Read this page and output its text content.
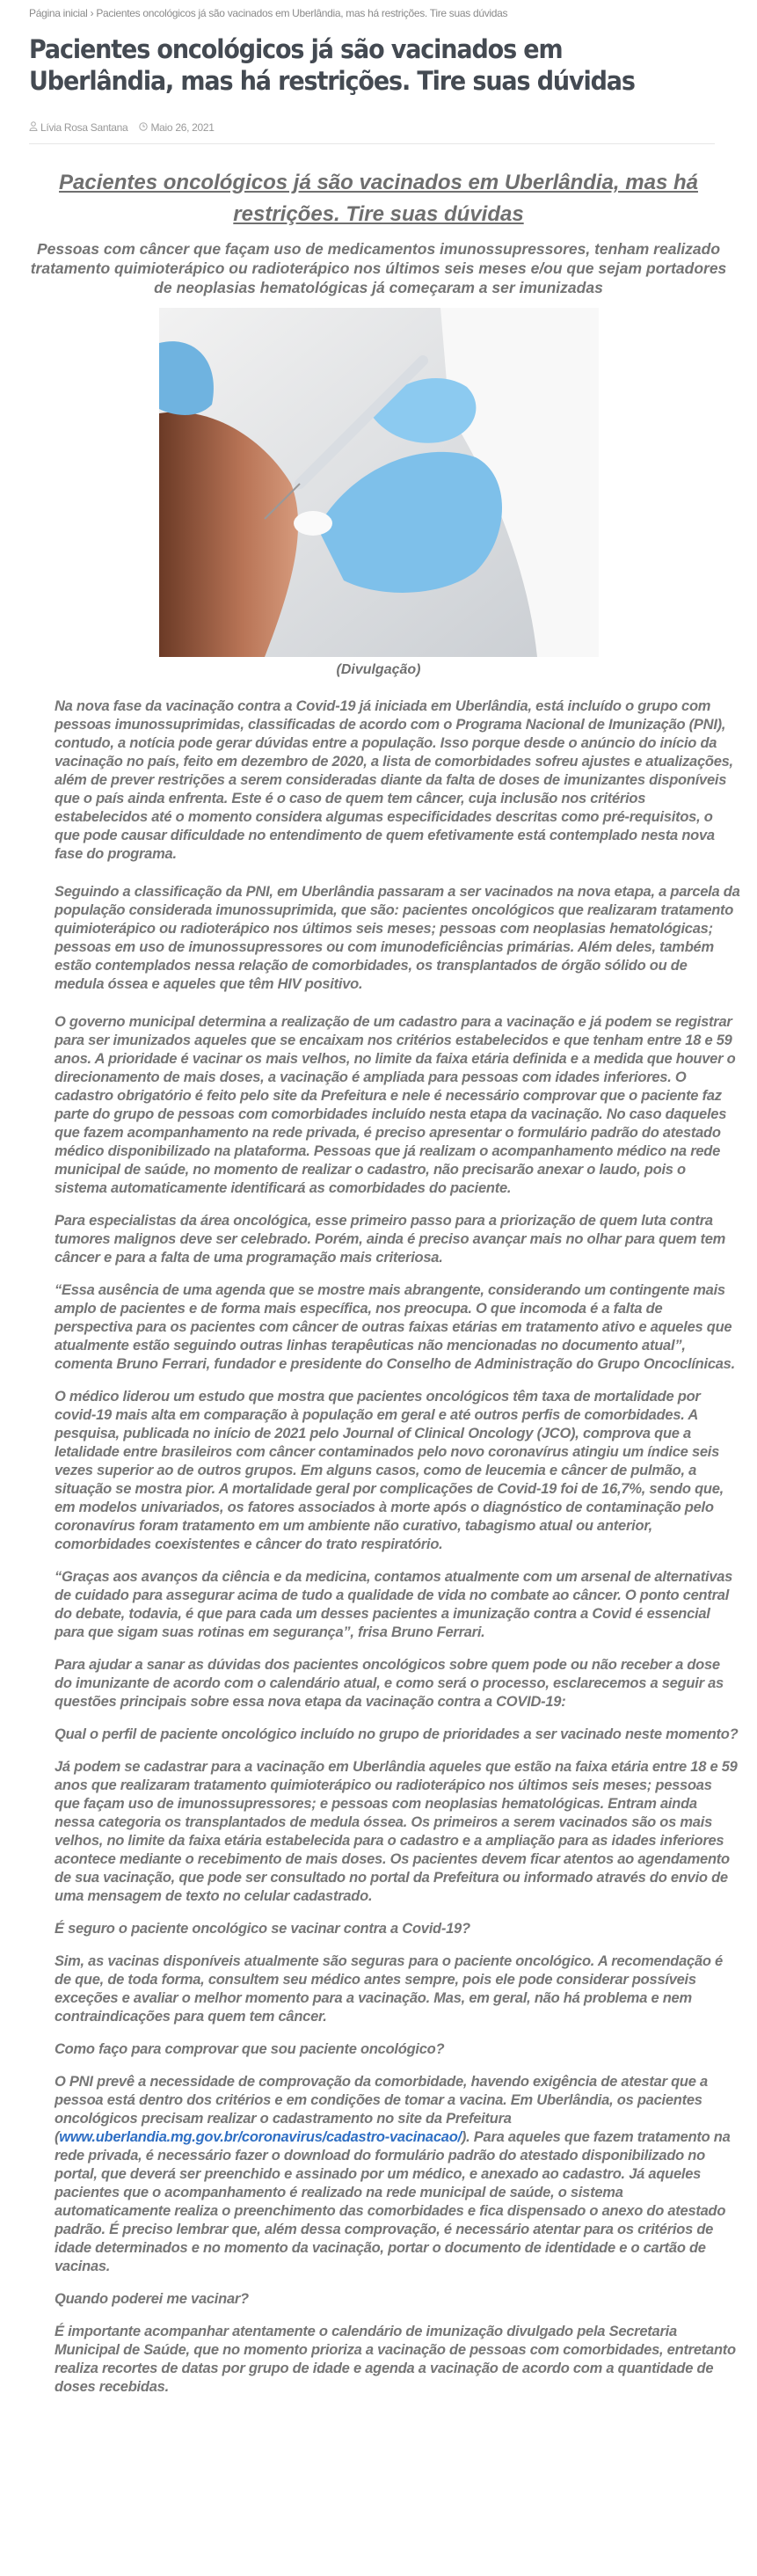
Página inicial › Pacientes oncológicos já são vacinados em Uberlândia, mas há restrições. Tire suas dúvidas
Pacientes oncológicos já são vacinados em Uberlândia, mas há restrições. Tire suas dúvidas
Lívia Rosa Santana Maio 26, 2021
Pacientes oncológicos já são vacinados em Uberlândia, mas há restrições. Tire suas dúvidas

Pessoas com câncer que façam uso de medicamentos imunossupressores, tenham realizado tratamento quimioterápico ou radioterápico nos últimos seis meses e/ou que sejam portadores de neoplasias hematológicas já começaram a ser imunizadas

(Divulgação)

Na nova fase da vacinação contra a Covid-19 já iniciada em Uberlândia, está incluído o grupo com pessoas imunossuprimidas, classificadas de acordo com o Programa Nacional de Imunização (PNI), contudo, a notícia pode gerar dúvidas entre a população. Isso porque desde o anúncio do início da vacinação no país, feito em dezembro de 2020, a lista de comorbidades sofreu ajustes e atualizações, além de prever restrições a serem consideradas diante da falta de doses de imunizantes disponíveis que o país ainda enfrenta. Este é o caso de quem tem câncer, cuja inclusão nos critérios estabelecidos até o momento considera algumas especificidades descritas como pré-requisitos, o que pode causar dificuldade no entendimento de quem efetivamente está contemplado nesta nova fase do programa.

Seguindo a classificação da PNI, em Uberlândia passaram a ser vacinados na nova etapa, a parcela da população considerada imunossuprimida, que são: pacientes oncológicos que realizaram tratamento quimioterápico ou radioterápico nos últimos seis meses; pessoas com neoplasias hematológicas; pessoas em uso de imunossupressores ou com imunodeficiências primárias. Além deles, também estão contemplados nessa relação de comorbidades, os transplantados de órgão sólido ou de medula óssea e aqueles que têm HIV positivo.

O governo municipal determina a realização de um cadastro para a vacinação e já podem se registrar para ser imunizados aqueles que se encaixam nos critérios estabelecidos e que tenham entre 18 e 59 anos. A prioridade é vacinar os mais velhos, no limite da faixa etária definida e a medida que houver o direcionamento de mais doses, a vacinação é ampliada para pessoas com idades inferiores. O cadastro obrigatório é feito pelo site da Prefeitura e nele é necessário comprovar que o paciente faz parte do grupo de pessoas com comorbidades incluído nesta etapa da vacinação. No caso daqueles que fazem acompanhamento na rede privada, é preciso apresentar o formulário padrão do atestado médico disponibilizado na plataforma. Pessoas que já realizam o acompanhamento médico na rede municipal de saúde, no momento de realizar o cadastro, não precisarão anexar o laudo, pois o sistema automaticamente identificará as comorbidades do paciente.

Para especialistas da área oncológica, esse primeiro passo para a priorização de quem luta contra tumores malignos deve ser celebrado. Porém, ainda é preciso avançar mais no olhar para quem tem câncer e para a falta de uma programação mais criteriosa.

“Essa ausência de uma agenda que se mostre mais abrangente, considerando um contingente mais amplo de pacientes e de forma mais específica, nos preocupa. O que incomoda é a falta de perspectiva para os pacientes com câncer de outras faixas etárias em tratamento ativo e aqueles que atualmente estão seguindo outras linhas terapêuticas não mencionadas no documento atual”, comenta Bruno Ferrari, fundador e presidente do Conselho de Administração do Grupo Oncoclínicas.

O médico liderou um estudo que mostra que pacientes oncológicos têm taxa de mortalidade por covid-19 mais alta em comparação à população em geral e até outros perfis de comorbidades. A pesquisa, publicada no início de 2021 pelo Journal of Clinical Oncology (JCO), comprova que a letalidade entre brasileiros com câncer contaminados pelo novo coronavírus atingiu um índice seis vezes superior ao de outros grupos. Em alguns casos, como de leucemia e câncer de pulmão, a situação se mostra pior. A mortalidade geral por complicações de Covid-19 foi de 16,7%, sendo que, em modelos univariados, os fatores associados à morte após o diagnóstico de contaminação pelo coronavírus foram tratamento em um ambiente não curativo, tabagismo atual ou anterior, comorbidades coexistentes e câncer do trato respiratório.

“Graças aos avanços da ciência e da medicina, contamos atualmente com um arsenal de alternativas de cuidado para assegurar acima de tudo a qualidade de vida no combate ao câncer. O ponto central do debate, todavia, é que para cada um desses pacientes a imunização contra a Covid é essencial para que sigam suas rotinas em segurança”, frisa Bruno Ferrari.

Para ajudar a sanar as dúvidas dos pacientes oncológicos sobre quem pode ou não receber a dose do imunizante de acordo com o calendário atual, e como será o processo, esclarecemos a seguir as questões principais sobre essa nova etapa da vacinação contra a COVID-19:

Qual o perfil de paciente oncológico incluído no grupo de prioridades a ser vacinado neste momento?

Já podem se cadastrar para a vacinação em Uberlândia aqueles que estão na faixa etária entre 18 e 59 anos que realizaram tratamento quimioterápico ou radioterápico nos últimos seis meses; pessoas que façam uso de imunossupressores; e pessoas com neoplasias hematológicas. Entram ainda nessa categoria os transplantados de medula óssea. Os primeiros a serem vacinados são os mais velhos, no limite da faixa etária estabelecida para o cadastro e a ampliação para as idades inferiores acontece mediante o recebimento de mais doses. Os pacientes devem ficar atentos ao agendamento de sua vacinação, que pode ser consultado no portal da Prefeitura ou informado através do envio de uma mensagem de texto no celular cadastrado.

É seguro o paciente oncológico se vacinar contra a Covid-19?

Sim, as vacinas disponíveis atualmente são seguras para o paciente oncológico. A recomendação é de que, de toda forma, consultem seu médico antes sempre, pois ele pode considerar possíveis exceções e avaliar o melhor momento para a vacinação. Mas, em geral, não há problema e nem contraindicações para quem tem câncer.

Como faço para comprovar que sou paciente oncológico?

O PNI prevê a necessidade de comprovação da comorbidade, havendo exigência de atestar que a pessoa está dentro dos critérios e em condições de tomar a vacina. Em Uberlândia, os pacientes oncológicos precisam realizar o cadastramento no site da Prefeitura (www.uberlandia.mg.gov.br/coronavirus/cadastro-vacinacao/). Para aqueles que fazem tratamento na rede privada, é necessário fazer o download do formulário padrão do atestado disponibilizado no portal, que deverá ser preenchido e assinado por um médico, e anexado ao cadastro. Já aqueles pacientes que o acompanhamento é realizado na rede municipal de saúde, o sistema automaticamente realiza o preenchimento das comorbidades e fica dispensado o anexo do atestado padrão. É preciso lembrar que, além dessa comprovação, é necessário atentar para os critérios de idade determinados e no momento da vacinação, portar o documento de identidade e o cartão de vacinas.

Quando poderei me vacinar?

É importante acompanhar atentamente o calendário de imunização divulgado pela Secretaria Municipal de Saúde, que no momento prioriza a vacinação de pessoas com comorbidades, entretanto realiza recortes de datas por grupo de idade e agenda a vacinação de acordo com a quantidade de doses recebidas.
